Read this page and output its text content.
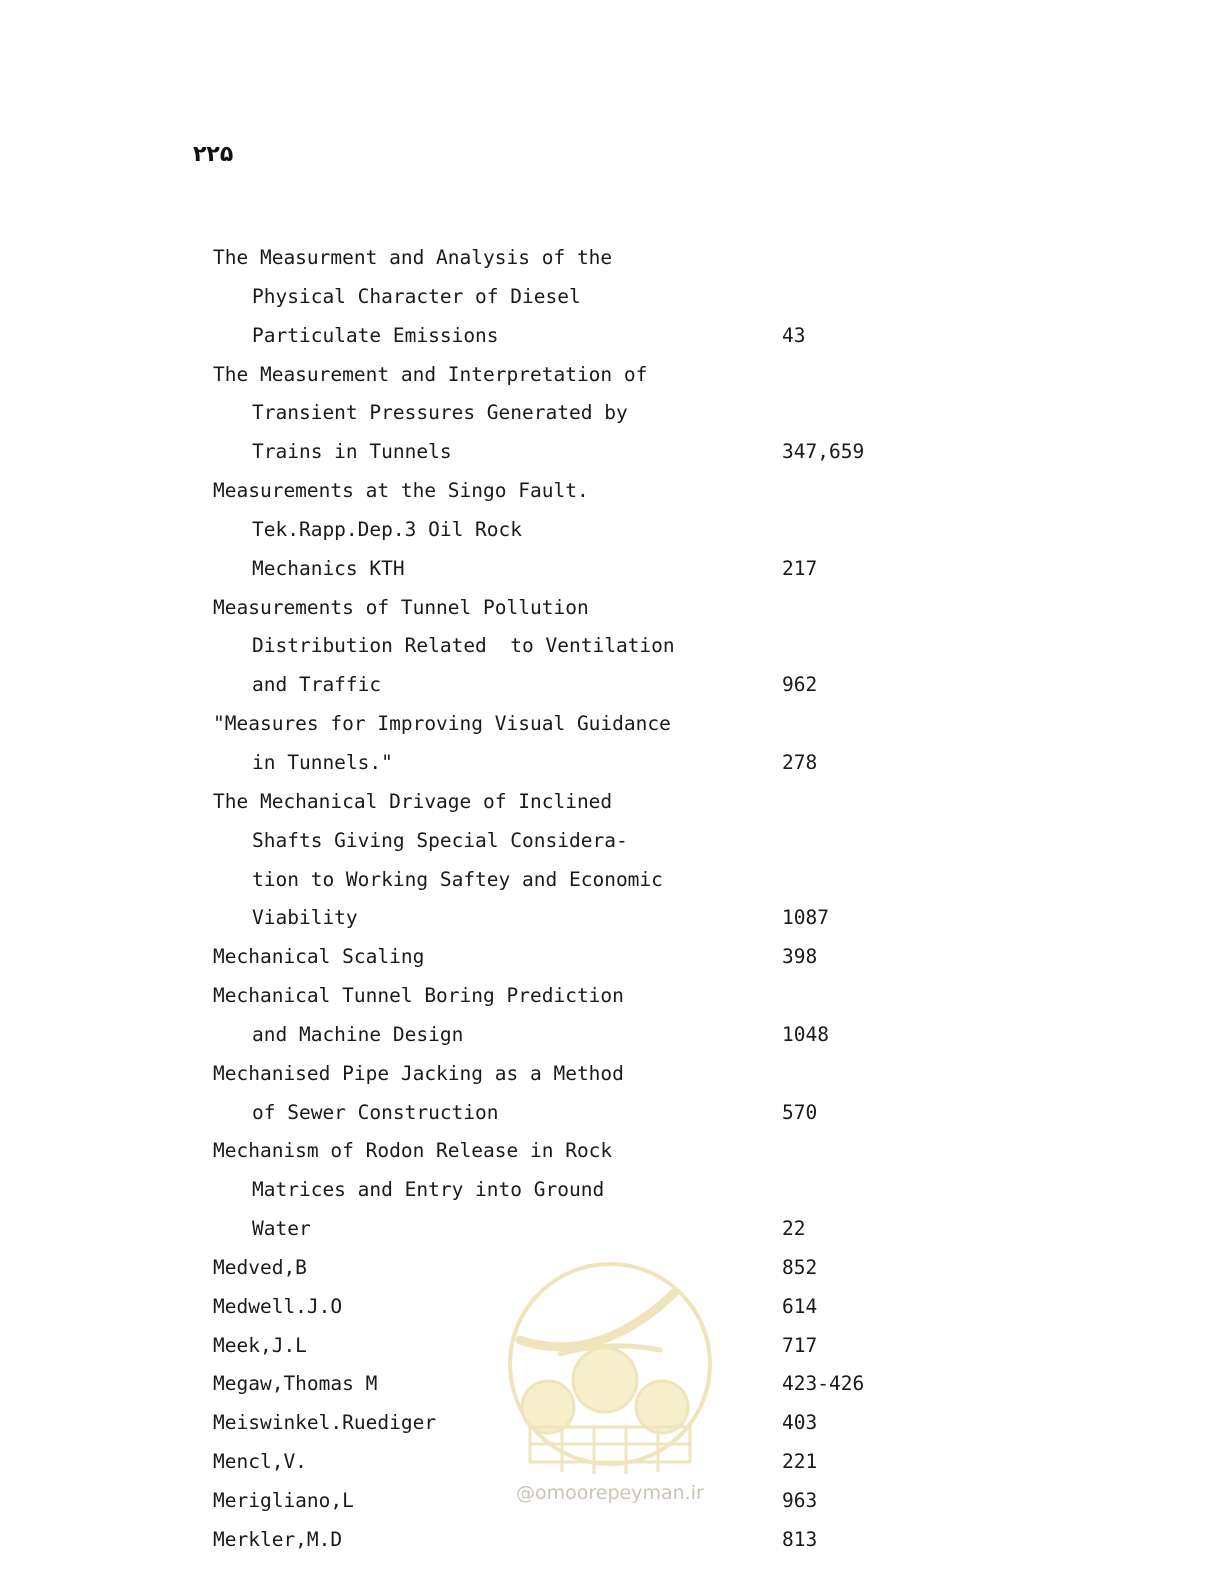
٢٢۵
The Measurment and Analysis of the
Physical Character of Diesel
Particulate Emissions	43
The Measurement and Interpretation of
Transient Pressures Generated by
Trains in Tunnels	347,659
Measurements at the Singo Fault.
Tek.Rapp.Dep.3 Oil Rock
Mechanics KTH	217
Measurements of Tunnel Pollution
Distribution Related  to Ventilation
and Traffic	962
"Measures for Improving Visual Guidance
in Tunnels."	278
The Mechanical Drivage of Inclined
Shafts Giving Special Considera-
tion to Working Saftey and Economic
Viability	1087
Mechanical Scaling	398
Mechanical Tunnel Boring Prediction
and Machine Design	1048
Mechanised Pipe Jacking as a Method
of Sewer Construction	570
Mechanism of Rodon Release in Rock
Matrices and Entry into Ground
Water	22
Medved,B	852
Medwell.J.O	614
Meek,J.L	717
Megaw,Thomas M	423-426
Meiswinkel.Ruediger	403
Mencl,V.	221
Merigliano,L	963
Merkler,M.D	813
@omoorepeyman.ir
